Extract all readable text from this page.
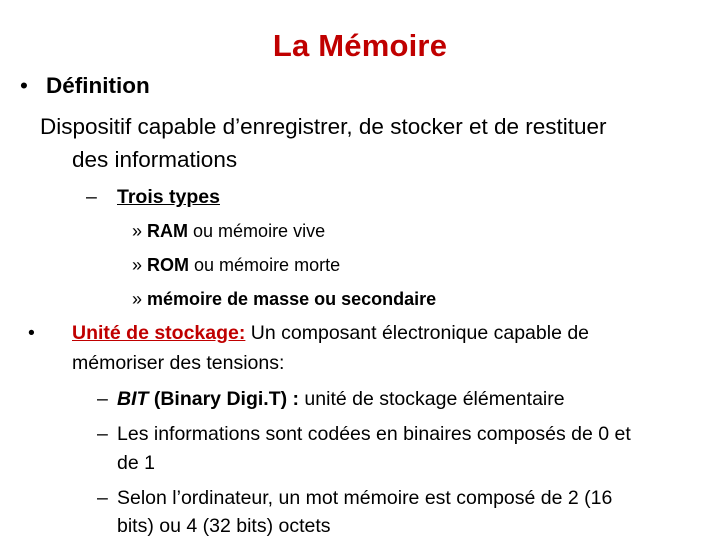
La Mémoire
• Définition
Dispositif capable d’enregistrer, de stocker et de restituer
des informations
– Trois types
» RAM ou mémoire vive
» ROM ou mémoire morte
» mémoire de masse ou secondaire
• Unité de stockage: Un composant électronique capable de
mémoriser des tensions:
– BIT (Binary Digi.T) : unité de stockage élémentaire
– Les informations sont codées en binaires composés de 0 et
de 1
– Selon l’ordinateur, un mot mémoire est composé de 2 (16
bits) ou 4 (32 bits) octets
